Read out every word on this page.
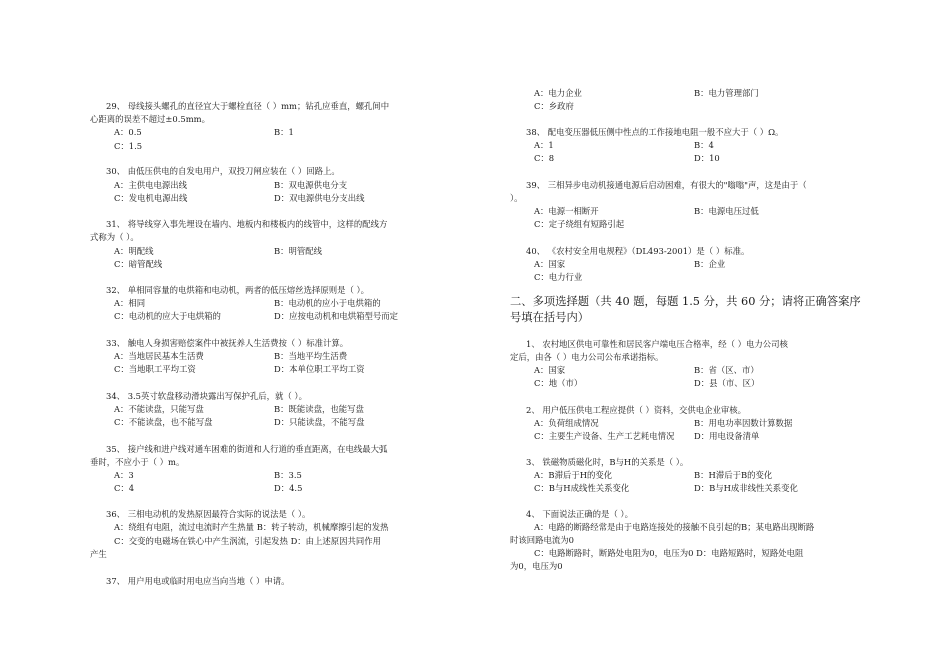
29、 母线接头螺孔的直径宜大于螺栓直径（ ）mm；钻孔应垂直，螺孔间中
心距离的误差不超过±0.5mm。
A：0.5	B：1
C：1.5
30、 由低压供电的自发电用户，双投刀闸应装在（ ）回路上。
A：主供电电源出线	B：双电源供电分支
C：发电机电源出线	D：双电源供电分支出线
31、 将导线穿入事先埋设在墙内、地板内和楼板内的线管中，这样的配线方
式称为（ ）。
A：明配线	B：明管配线
C：暗管配线
32、 单相同容量的电烘箱和电动机，两者的低压熔丝选择原则是（ ）。
A：相同	B：电动机的应小于电烘箱的
C：电动机的应大于电烘箱的	D：应按电动机和电烘箱型号而定
33、 触电人身损害赔偿案件中被抚养人生活费按（ ）标准计算。
A：当地居民基本生活费	B：当地平均生活费
C：当地职工平均工资	D：本单位职工平均工资
34、 3.5英寸软盘移动滑块露出写保护孔后，就（ ）。
A：不能读盘，只能写盘	B：既能读盘，也能写盘
C：不能读盘，也不能写盘	D：只能读盘，不能写盘
35、 接户线和进户线对通车困难的街道和人行道的垂直距离，在电线最大弧
垂时，不应小于（ ）m。
A：3	B：3.5
C：4	D：4.5
36、 三相电动机的发热原因最符合实际的说法是（ ）。
A：绕组有电阻，流过电流时产生热量 B：转子转动，机械摩擦引起的发热
C：交变的电磁场在铁心中产生涡流，引起发热 D：由上述原因共同作用
产生
37、 用户用电或临时用电应当向当地（ ）申请。
A：电力企业	B：电力管理部门
C：乡政府
38、 配电变压器低压侧中性点的工作接地电阻一般不应大于（ ）Ω。
A：1	B：4
C：8	D：10
39、 三相异步电动机接通电源后启动困难，有很大的"嗡嗡"声，这是由于（
）。
A：电源一相断开	B：电源电压过低
C：定子绕组有短路引起
40、 《农村安全用电规程》（DL493-2001）是（ ）标准。
A：国家	B：企业
C：电力行业
二、多项选择题（共 40 题，每题 1.5 分，共 60 分；请将正确答案序
号填在括号内）
1、 农村地区供电可靠性和居民客户端电压合格率，经（ ）电力公司核
定后，由各（ ）电力公司公布承诺指标。
A：国家	B：省（区、市）
C：地（市）	D：县（市、区）
2、 用户低压供电工程应提供（ ）资料，交供电企业审核。
A：负荷组成情况	B：用电功率因数计算数据
C：主要生产设备、生产工艺耗电情况 D：用电设备清单
3、 铁磁物质磁化时，B与H的关系是（ ）。
A：B滞后于H的变化	B：H滞后于B的变化
C：B与H成线性关系变化	D：B与H成非线性关系变化
4、 下面说法正确的是（ ）。
A：电路的断路经常是由于电路连接处的接触不良引起的B；某电路出现断路
时该回路电流为0
C：电路断路时，断路处电阻为0，电压为0 D：电路短路时，短路处电阻
为0，电压为0
